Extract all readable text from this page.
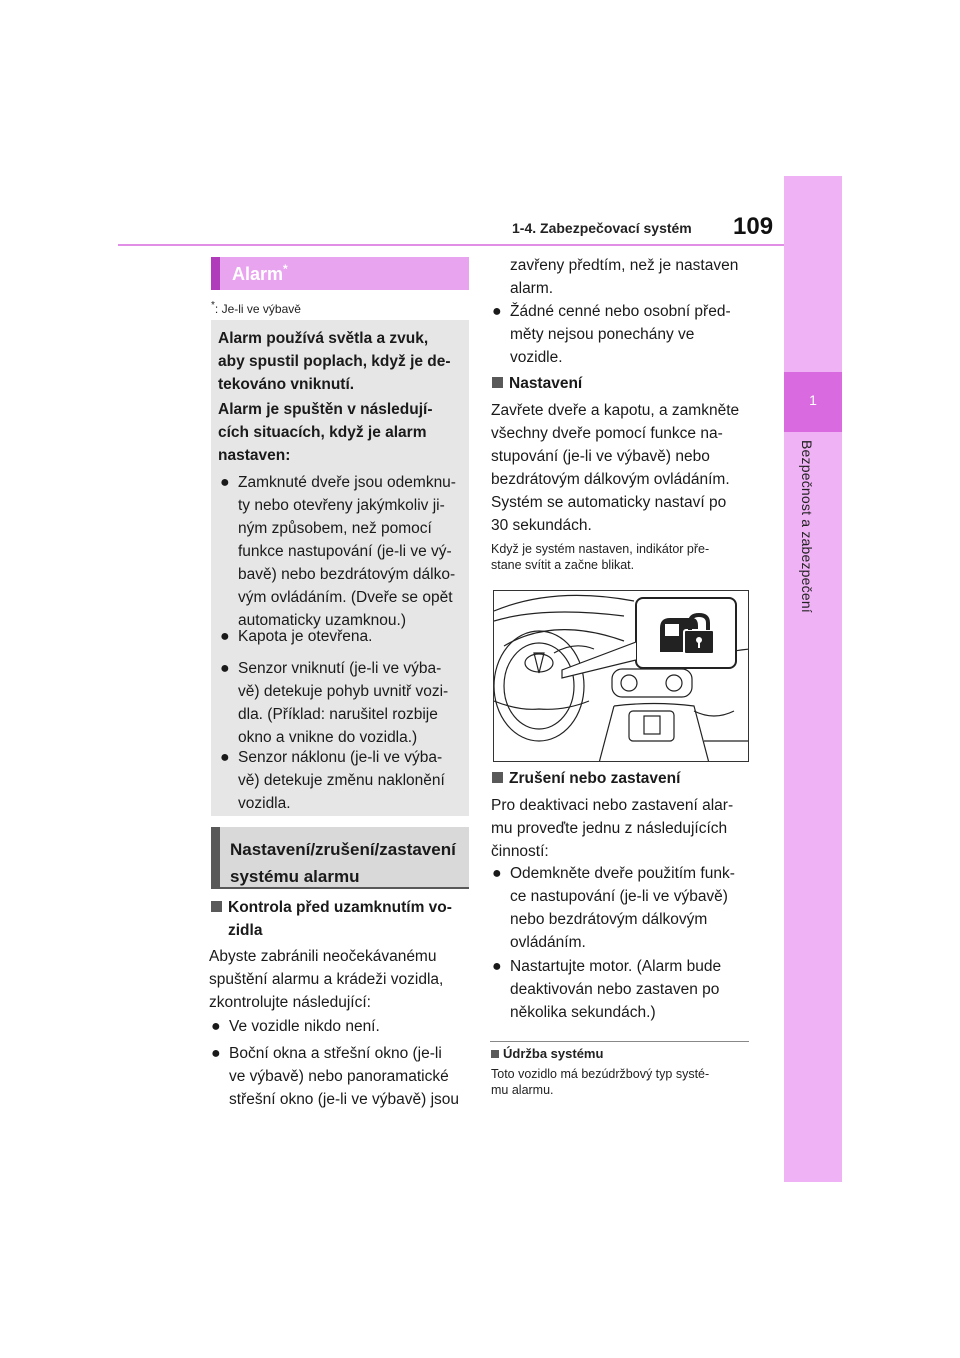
1-4. Zabezpečovací systém 109
1
Bezpečnost a zabezpečení
Alarm*
*: Je-li ve výbavě
Alarm používá světla a zvuk,
aby spustil poplach, když je de-
tekováno vniknutí.
Alarm je spuštěn v následují-
cích situacích, když je alarm
nastaven:
● Zamknuté dveře jsou odemknu-
ty nebo otevřeny jakýmkoliv ji-
ným způsobem, než pomocí
funkce nastupování (je-li ve vý-
bavě) nebo bezdrátovým dálko-
vým ovládáním. (Dveře se opět
automaticky uzamknou.)
● Kapota je otevřena.
● Senzor vniknutí (je-li ve výba-
vě) detekuje pohyb uvnitř vozi-
dla. (Příklad: narušitel rozbije
okno a vnikne do vozidla.)
● Senzor náklonu (je-li ve výba-
vě) detekuje změnu naklonění
vozidla.
Nastavení/zrušení/zastavení
systému alarmu
Kontrola před uzamknutím vo-
zidla
Abyste zabránili neočekávanému
spuštění alarmu a krádeži vozidla,
zkontrolujte následující:
● Ve vozidle nikdo není.
● Boční okna a střešní okno (je-li
ve výbavě) nebo panoramatické
střešní okno (je-li ve výbavě) jsou
zavřeny předtím, než je nastaven
alarm.
● Žádné cenné nebo osobní před-
měty nejsou ponechány ve
vozidle.
Nastavení
Zavřete dveře a kapotu, a zamkněte
všechny dveře pomocí funkce na-
stupování (je-li ve výbavě) nebo
bezdrátovým dálkovým ovládáním.
Systém se automaticky nastaví po
30 sekundách.
Když je systém nastaven, indikátor pře-
stane svítit a začne blikat.
Zrušení nebo zastavení
Pro deaktivaci nebo zastavení alar-
mu proveďte jednu z následujících
činností:
● Odemkněte dveře použitím funk-
ce nastupování (je-li ve výbavě)
nebo bezdrátovým dálkovým
ovládáním.
● Nastartujte motor. (Alarm bude
deaktivován nebo zastaven po
několika sekundách.)
Údržba systému
Toto vozidlo má bezúdržbový typ systé-
mu alarmu.
